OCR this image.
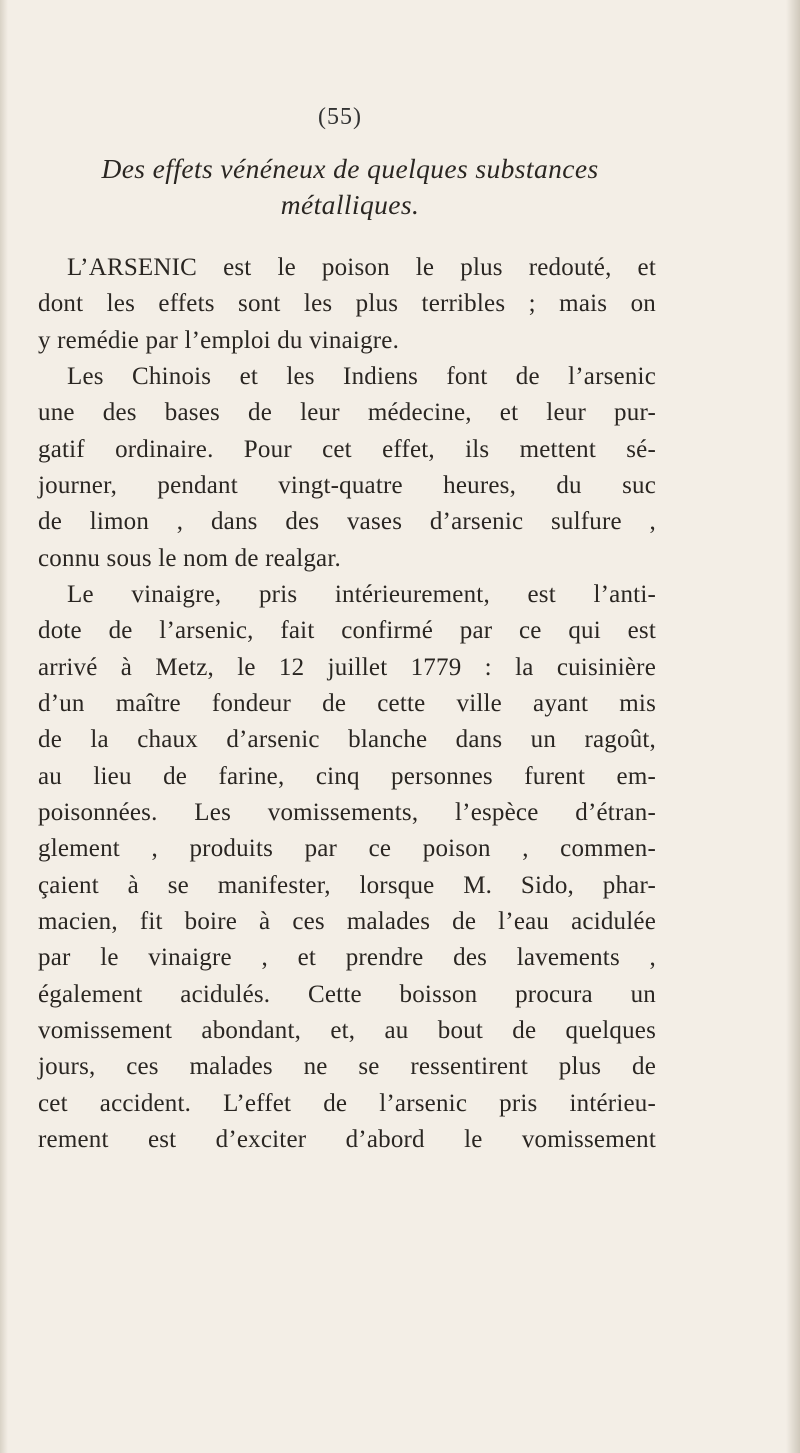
(55)
Des effets vénéneux de quelques substances
métalliques.
L’ARSENIC est le poison le plus redouté, et
dont les effets sont les plus terribles ; mais on
y remédie par l’emploi du vinaigre.
Les Chinois et les Indiens font de l’arsenic
une des bases de leur médecine, et leur pur-
gatif ordinaire. Pour cet effet, ils mettent sé-
journer, pendant vingt-quatre heures, du suc
de limon , dans des vases d’arsenic sulfure ,
connu sous le nom de realgar.
Le vinaigre, pris intérieurement, est l’anti-
dote de l’arsenic, fait confirmé par ce qui est
arrivé à Metz, le 12 juillet 1779 : la cuisinière
d’un maître fondeur de cette ville ayant mis
de la chaux d’arsenic blanche dans un ragoût,
au lieu de farine, cinq personnes furent em-
poisonnées. Les vomissements, l’espèce d’étran-
glement , produits par ce poison , commen-
çaient à se manifester, lorsque M. Sido, phar-
macien, fit boire à ces malades de l’eau acidulée
par le vinaigre , et prendre des lavements ,
également acidulés. Cette boisson procura un
vomissement abondant, et, au bout de quelques
jours, ces malades ne se ressentirent plus de
cet accident. L’effet de l’arsenic pris intérieu-
rement est d’exciter d’abord le vomissement
